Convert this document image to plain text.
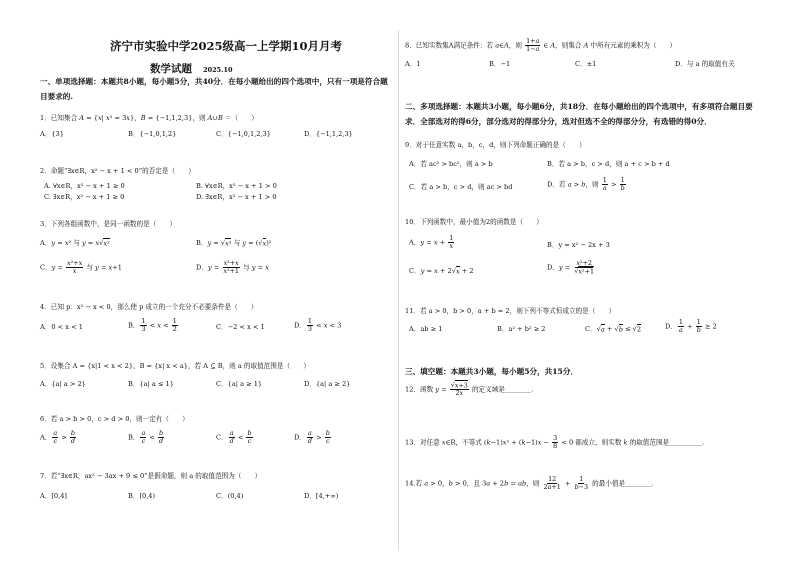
济宁市实验中学2025级高一上学期10月月考
数学试题 2025.10
一、单项选择题：本题共8小题，每小题5分，共40分．在每小题给出的四个选项中，只有一项是符合题目要求的.
1．已知集合 A = {x| x² = 3x}，B = {−1,1,2,3}，则 A∪B ＝（　　）
A．{3}	B．{−1,0,1,2}	C．{−1,0,1,2,3}	D．{−1,1,2,3}
2．命题“∃x∈R，x² − x + 1 < 0”的否定是（　　）
A. ∀x∈R，x² − x + 1 ≥ 0	B. ∀x∈R，x² − x + 1 > 0
C. ∃x∈R，x² − x + 1 ≥ 0	D. ∃x∈R，x² − x + 1 > 0
3．下列各组函数中，是同一函数的是（　　）
A．y = x² 与 y = x√x²	B．y = √x² 与 y = (√x)²
C．$y = \frac{\text{x²+x}}{x}$ 与 y = x+1	D．$y = \frac{\text{x³+x}}{\text{x²+1}}$ 与 y = x
4．已知 p：x² − x < 0，那么使 p 成立的一个充分不必要条件是（　　）
A．0 < x < 1	B． $\frac{1}{3} < x < \frac{1}{2}$	C．−2 < x < 1	D． $\frac{1}{3} < x < 3$
5．设集合 A = {x|1 < x < 2}，B = {x| x < a}，若 A ⊆ B，则 a 的取值范围是（　　）
A．{a| a > 2}	B．{a| a ≤ 1}	C．{a| a ≥ 1}	D．{a| a ≥ 2}
6．若 a > b > 0，c > d > 0，则一定有（　　）
A． $\frac{a}{c} > \frac{b}{d}$	B． $\frac{a}{c} < \frac{b}{d}$	C． $\frac{a}{d} < \frac{b}{c}$	D． $\frac{a}{d} > \frac{b}{c}$
7．若“∃x∈R，ax² − 3ax + 9 ≤ 0”是假命题，则 a 的取值范围为（　　）
A．[0,4]	B．[0,4)	C．(0,4)	D．[4,+∞)
8．已知实数集A满足条件：若 a∈A，则 $\frac{1+a}{1-a}$ ∈ A，则集合 A 中所有元素的乘积为（　　）
A．1	B．−1	C．±1	D．与 a 的取值有关
二、多项选择题：本题共3小题，每小题6分，共18分．在每小题给出的四个选项中，有多项符合题目要求．全部选对的得6分，部分选对的得部分分，选对但选不全的得部分分，有选错的得0分．
9．对于任意实数 a，b，c，d，则下列命题正确的是（　　）
A．若 ac² > bc²，则 a > b	B．若 a > b，c > d，则 a + c > b + d
C．若 a > b，c > d，则 ac > bd	D．若 a > b，则 $\frac{1}{a} > \frac{1}{b}$
10．下列函数中，最小值为2的函数是（　　）
A．$y = x + \frac{1}{x}$	B．y = x² − 2x + 3
C．y = x + 2√x + 2	D．$y = \frac{\text{x²+2}}{\text{√x²+1}}$
11．若 a > 0，b > 0，a + b = 2，则下列不等式恒成立的是（　　）
A．ab ≥ 1	B．a² + b² ≥ 2	C．√a + √b ≤ √2	D． $\frac{1}{a} + \frac{1}{b} \ge 2$
三、填空题：本题共3小题，每小题5分，共15分．
12．函数 $y = \frac{√x+3}{2x}$ 的定义域是________.
13．对任意 x∈R，不等式 $(k-1)x^2 + (k-1)x - \frac{3}{8} < 0$ 都成立，则实数 k 的取值范围是__________.
14.若 a > 0，b > 0，且 3a + 2b = ab，则 $\frac{12}{2a+1} + \frac{1}{b-3}$ 的最小值是________.
